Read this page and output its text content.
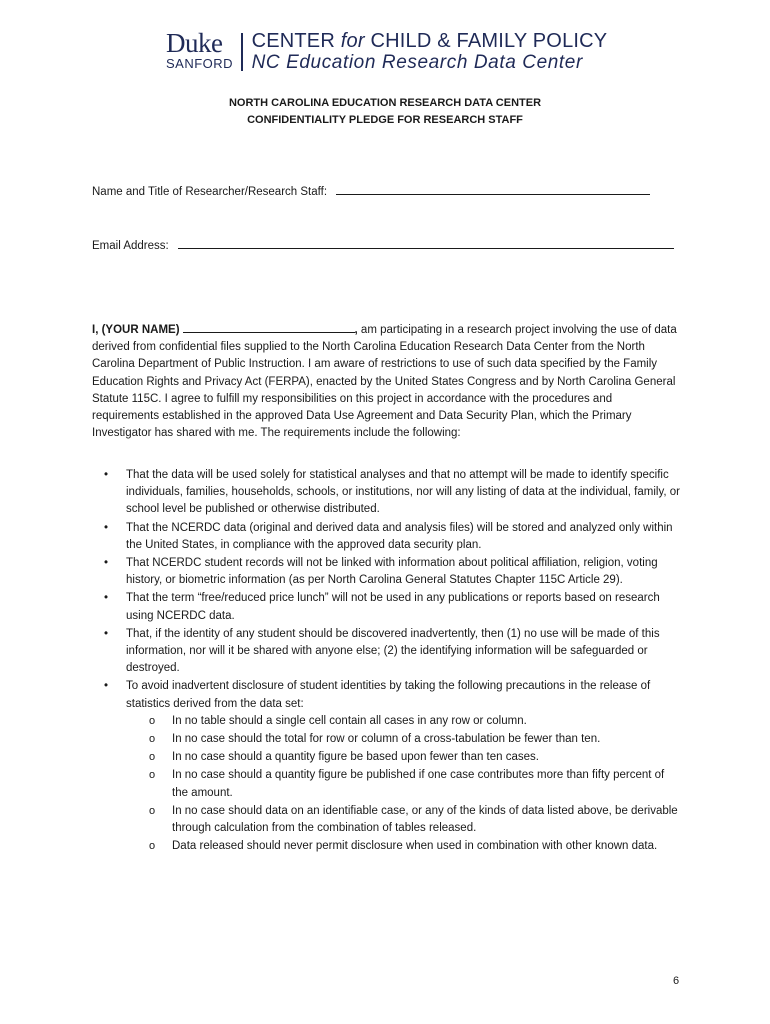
Duke
SANFORD
CENTER for CHILD & FAMILY POLICY
NC Education Research Data Center
NORTH CAROLINA EDUCATION RESEARCH DATA CENTER
CONFIDENTIALITY PLEDGE FOR RESEARCH STAFF
Name and Title of Researcher/Research Staff:
Email Address:
I, (YOUR NAME)	, am participating in a research project involving the use of data derived from confidential files supplied to the North Carolina Education Research Data Center from the North Carolina Department of Public Instruction. I am aware of restrictions to use of such data specified by the Family Education Rights and Privacy Act (FERPA), enacted by the United States Congress and by North Carolina General Statute 115C. I agree to fulfill my responsibilities on this project in accordance with the procedures and requirements established in the approved Data Use Agreement and Data Security Plan, which the Primary Investigator has shared with me. The requirements include the following:
• That the data will be used solely for statistical analyses and that no attempt will be made to identify specific individuals, families, households, schools, or institutions, nor will any listing of data at the individual, family, or school level be published or otherwise distributed.
• That the NCERDC data (original and derived data and analysis files) will be stored and analyzed only within the United States, in compliance with the approved data security plan.
• That NCERDC student records will not be linked with information about political affiliation, religion, voting history, or biometric information (as per North Carolina General Statutes Chapter 115C Article 29).
• That the term “free/reduced price lunch” will not be used in any publications or reports based on research using NCERDC data.
• That, if the identity of any student should be discovered inadvertently, then (1) no use will be made of this information, nor will it be shared with anyone else; (2) the identifying information will be safeguarded or destroyed.
• To avoid inadvertent disclosure of student identities by taking the following precautions in the release of statistics derived from the data set:
o In no table should a single cell contain all cases in any row or column.
o In no case should the total for row or column of a cross-tabulation be fewer than ten.
o In no case should a quantity figure be based upon fewer than ten cases.
o In no case should a quantity figure be published if one case contributes more than fifty percent of the amount.
o In no case should data on an identifiable case, or any of the kinds of data listed above, be derivable through calculation from the combination of tables released.
o Data released should never permit disclosure when used in combination with other known data.
6
